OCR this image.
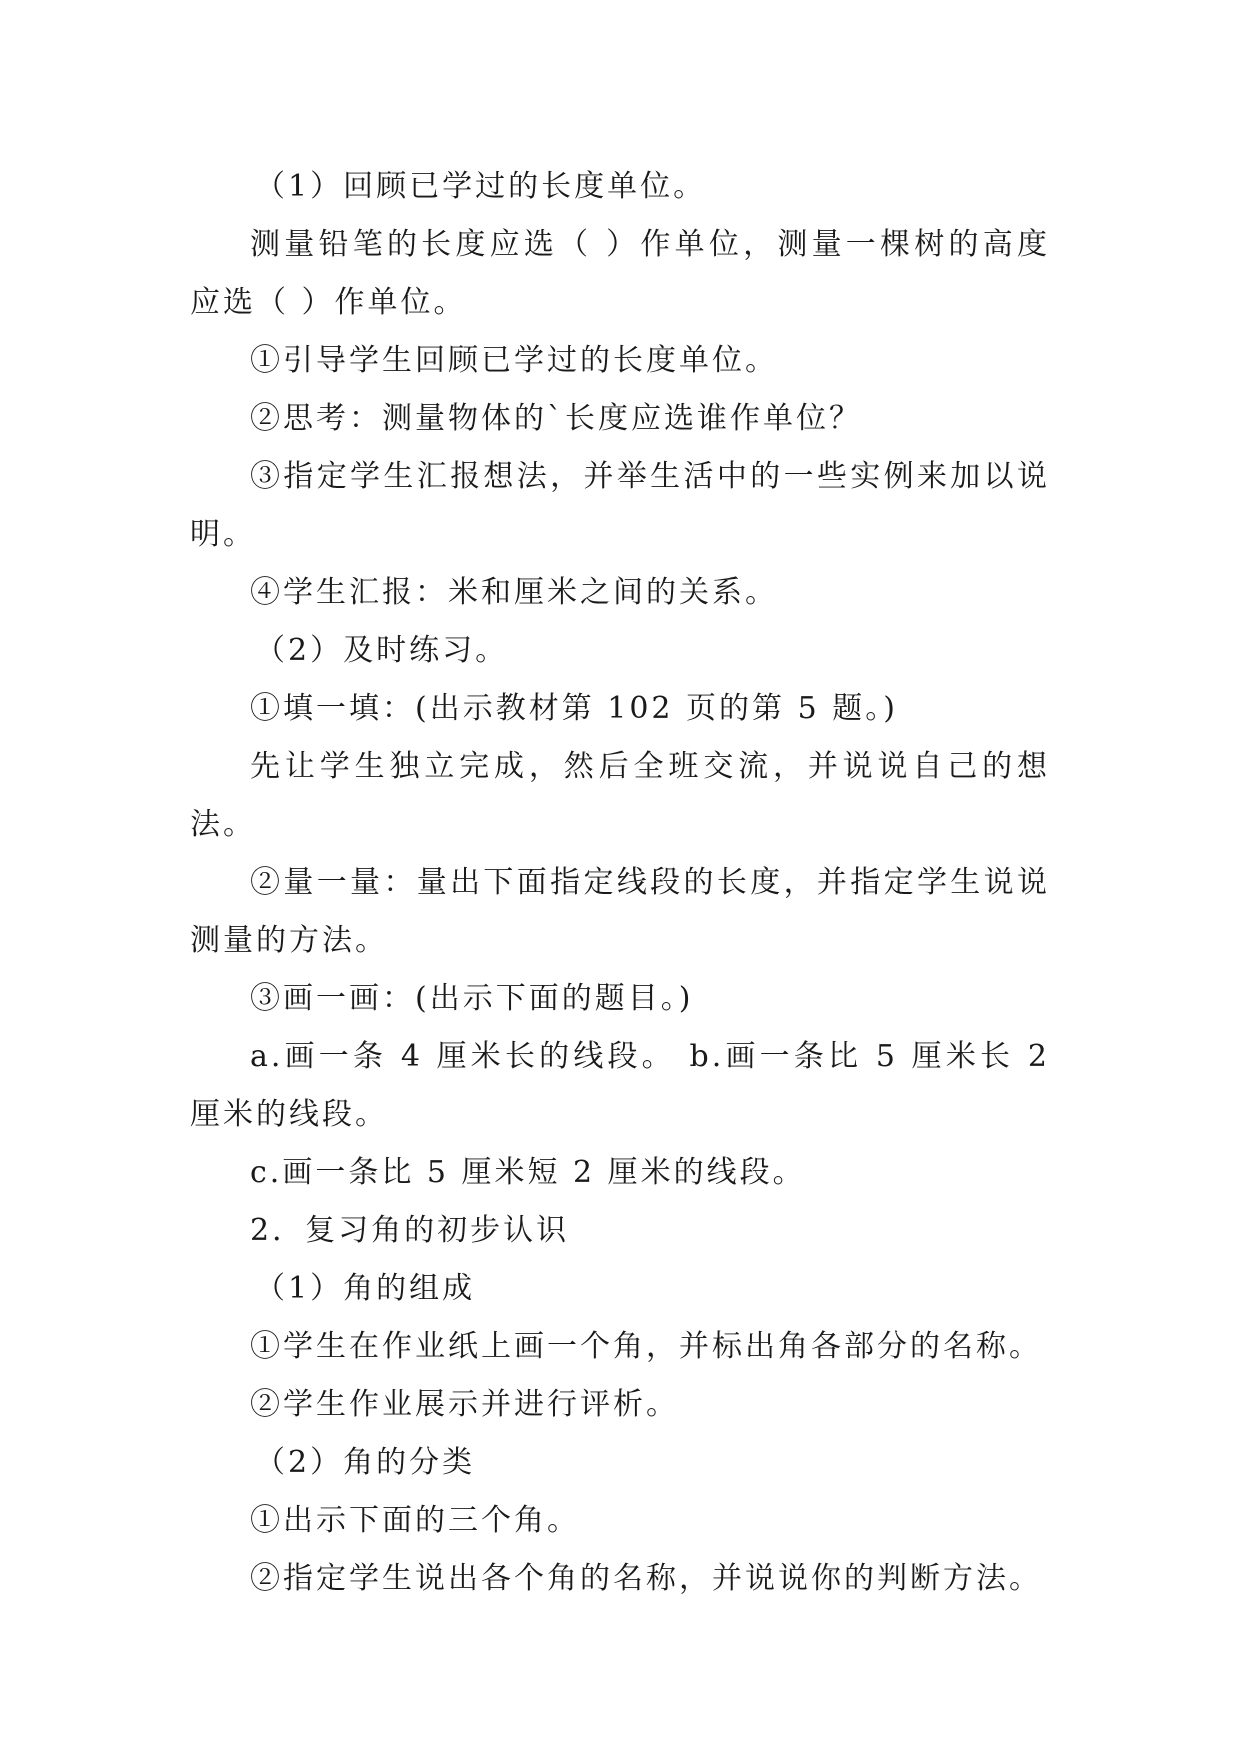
（1）回顾已学过的长度单位。

测量铅笔的长度应选（ ）作单位，测量一棵树的高度应选（ ）作单位。

①引导学生回顾已学过的长度单位。

②思考：测量物体的`长度应选谁作单位？

③指定学生汇报想法，并举生活中的一些实例来加以说明。

④学生汇报：米和厘米之间的关系。

（2）及时练习。

①填一填：(出示教材第 102 页的第 5 题。)

先让学生独立完成，然后全班交流，并说说自己的想法。

②量一量：量出下面指定线段的长度，并指定学生说说测量的方法。

③画一画：(出示下面的题目。)

a.画一条 4 厘米长的线段。 b.画一条比 5 厘米长 2 厘米的线段。

c.画一条比 5 厘米短 2 厘米的线段。

2．复习角的初步认识

（1）角的组成

①学生在作业纸上画一个角，并标出角各部分的名称。

②学生作业展示并进行评析。

（2）角的分类

①出示下面的三个角。

②指定学生说出各个角的名称，并说说你的判断方法。
